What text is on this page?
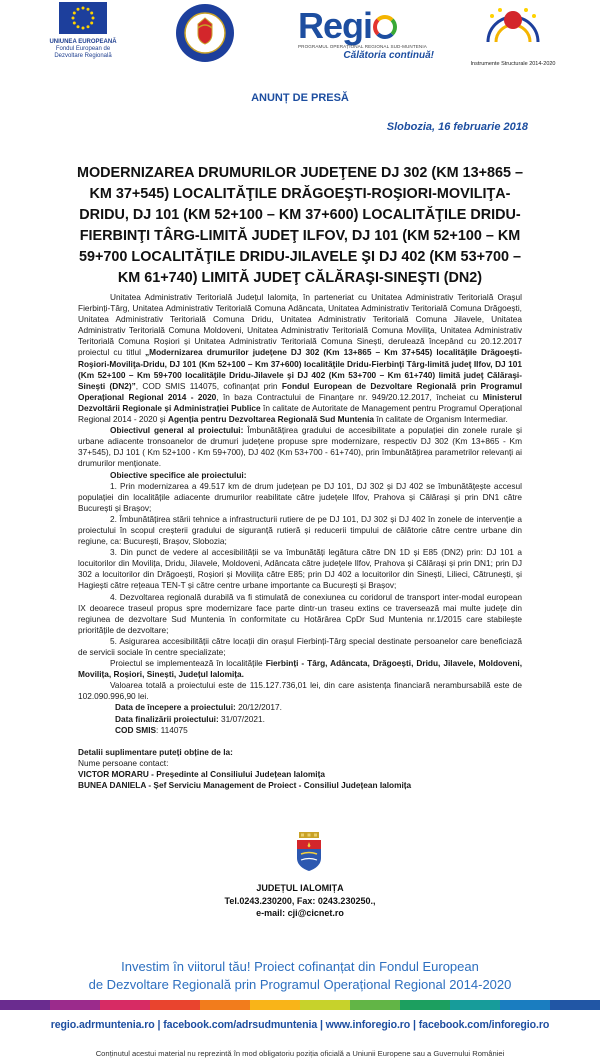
UNIUNEA EUROPEANĂ
Fondul European de Dezvoltare Regională
Regi
PROGRAMUL OPERAȚIONAL REGIONAL SUD-MUNTENIA
Călătoria continuă!
Instrumente Structurale 2014-2020
ANUNȚ DE PRESĂ
Slobozia, 16 februarie 2018
MODERNIZAREA DRUMURILOR JUDEŢENE DJ 302 (KM 13+865 – KM 37+545) LOCALITĂŢILE DRĂGOEŞTI-ROŞIORI-MOVILIŢA-DRIDU, DJ 101 (KM 52+100 – KM 37+600) LOCALITĂŢILE DRIDU-FIERBINŢI TÂRG-LIMITĂ JUDEŢ ILFOV, DJ 101 (KM 52+100 – KM 59+700 LOCALITĂŢILE DRIDU-JILAVELE ŞI DJ 402 (KM 53+700 – KM 61+740) LIMITĂ JUDEŢ CĂLĂRAŞI-SINEŞTI (DN2)

Unitatea Administrativ Teritorială Județul Ialomița, în parteneriat cu Unitatea Administrativ Teritorială Orașul Fierbinți-Târg, Unitatea Administrativ Teritorială Comuna Adâncata, Unitatea Administrativ Teritorială Comuna Drăgoești, Unitatea Administrativ Teritorială Comuna Dridu, Unitatea Administrativ Teritorială Comuna Jilavele, Unitatea Administrativ Teritorială Comuna Moldoveni, Unitatea Administrativ Teritorială Comuna Movilița, Unitatea Administrativ Teritorială Comuna Roșiori și Unitatea Administrativ Teritorială Comuna Sinești, derulează începând cu 20.12.2017 proiectul cu titlul „Modernizarea drumurilor judeţene DJ 302 (Km 13+865 – Km 37+545) localităţile Drăgoeşti-Roşiori-Moviliţa-Dridu, DJ 101 (Km 52+100 – Km 37+600) localităţile Dridu-Fierbinţi Târg-limită judeţ Ilfov, DJ 101 (Km 52+100 – Km 59+700 localităţile Dridu-Jilavele şi DJ 402 (Km 53+700 – Km 61+740) limită judeţ Călăraşi-Sineşti (DN2)”, COD SMIS 114075, cofinanțat prin Fondul European de Dezvoltare Regională prin Programul Operațional Regional 2014 - 2020, în baza Contractului de Finanțare nr. 949/20.12.2017, încheiat cu Ministerul Dezvoltării Regionale și Administrației Publice în calitate de Autoritate de Management pentru Programul Operațional Regional 2014 - 2020 și Agenția pentru Dezvoltarea Regională Sud Muntenia în calitate de Organism Intermediar.

Obiectivul general al proiectului: Îmbunătățirea gradului de accesibilitate a populației din zonele rurale și urbane adiacente tronsoanelor de drumuri județene propuse spre modernizare, respectiv DJ 302 (Km 13+865 - Km 37+545), DJ 101 ( Km 52+100 - Km 59+700), DJ 402 (Km 53+700 - 61+740), prin îmbunătățirea parametrilor relevanți ai drumurilor menționate.

Obiective specifice ale proiectului:

1. Prin modernizarea a 49.517 km de drum județean pe DJ 101, DJ 302 și DJ 402 se îmbunătățește accesul populației din localitățile adiacente drumurilor reabilitate către județele Ilfov, Prahova și Călărași și prin DN1 către București și Brașov;

2. Îmbunătățirea stării tehnice a infrastructurii rutiere de pe DJ 101, DJ 302 și DJ 402 în zonele de intervenție a proiectului în scopul creșterii gradului de siguranță rutieră și reducerii timpului de călătorie către centre urbane din regiune, ca: București, Brașov, Slobozia;

3. Din punct de vedere al accesibilității se va îmbunătăți legătura către DN 1D și E85 (DN2) prin: DJ 101 a locuitorilor din Movilița, Dridu, Jilavele, Moldoveni, Adâncata către județele Ilfov, Prahova și Călărași și prin DN1; prin DJ 302 a locuitorilor din Drăgoești, Roșiori și Movilița către E85; prin DJ 402 a locuitorilor din Sinești, Lilieci, Cătrunești, și Hagiești către rețeaua TEN-T și către centre urbane importante ca București și Brașov;

4. Dezvoltarea regională durabilă va fi stimulată de conexiunea cu coridorul de transport inter-modal european IX deoarece traseul propus spre modernizare face parte dintr-un traseu extins ce traversează mai multe județe din regiunea de dezvoltare Sud Muntenia în conformitate cu Hotărârea CpDr Sud Muntenia nr.1/2015 care stabilește prioritățile de dezvoltare;

5. Asigurarea accesibilității către locații din orașul Fierbinți-Târg special destinate persoanelor care beneficiază de servicii sociale în centre specializate;

Proiectul se implementează în localitățile Fierbinți - Târg, Adâncata, Drăgoești, Dridu, Jilavele, Moldoveni, Movilița, Roșiori, Sinești, Județul Ialomița.

Valoarea totală a proiectului este de 115.127.736,01 lei, din care asistența financiară nerambursabilă este de 102.090.996,90 lei.

Data de începere a proiectului: 20/12/2017.

Data finalizării proiectului: 31/07/2021.

COD SMIS: 114075

Detalii suplimentare puteți obține de la:

Nume persoane contact:

VICTOR MORARU - Președinte al Consiliului Județean Ialomița

BUNEA DANIELA - Șef Serviciu Management de Proiect - Consiliul Județean Ialomița

JUDEȚUL IALOMIȚA
Tel.0243.230200, Fax: 0243.230250.,
e-mail: cji@cicnet.ro
Investim în viitorul tău! Proiect cofinanțat din Fondul European
de Dezvoltare Regională prin Programul Operațional Regional 2014-2020
regio.adrmuntenia.ro | facebook.com/adrsudmuntenia | www.inforegio.ro | facebook.com/inforegio.ro
Conținutul acestui material nu reprezintă în mod obligatoriu poziția oficială a Uniunii Europene sau a Guvernului României
